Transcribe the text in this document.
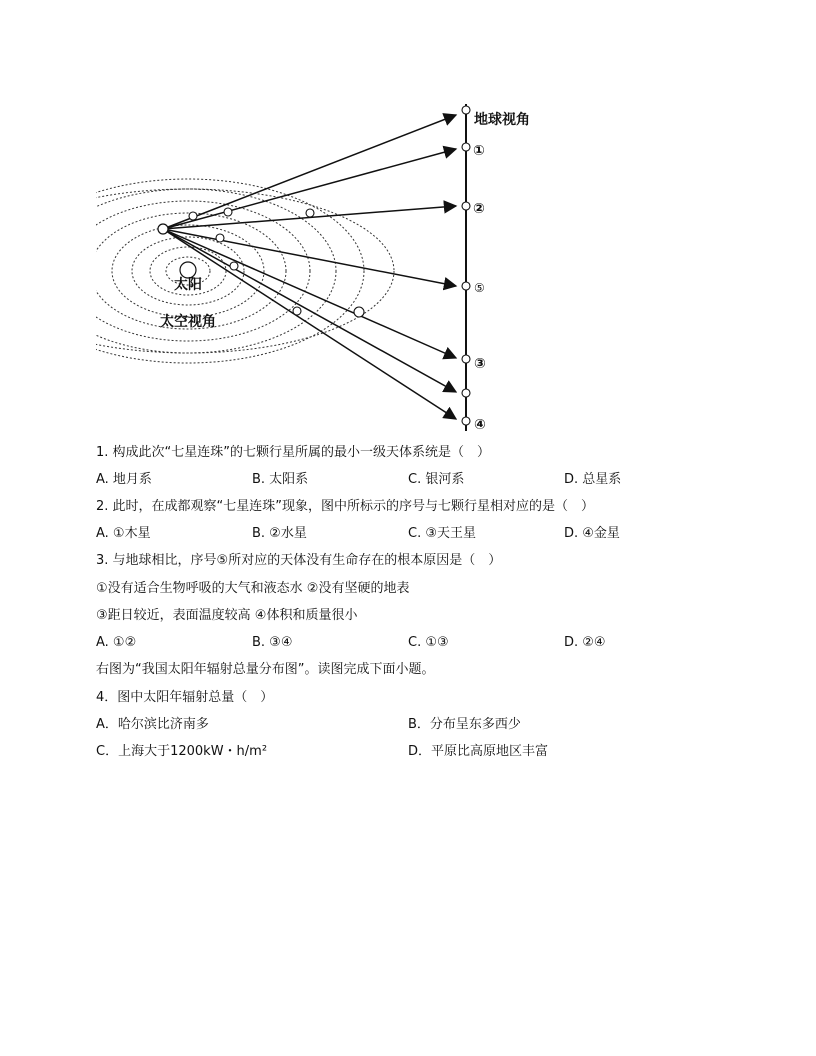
地球视角
①
②
⑤
③
④
太阳
太空视角
1. 构成此次“七星连珠”的七颗行星所属的最小一级天体系统是（　）
A. 地月系	B. 太阳系	C. 银河系	D. 总星系
2. 此时，在成都观察“七星连珠”现象，图中所标示的序号与七颗行星相对应的是（　）
A. ①木星	B. ②水星	C. ③天王星	D. ④金星
3. 与地球相比，序号⑤所对应的天体没有生命存在的根本原因是（　）
①没有适合生物呼吸的大气和液态水 ②没有坚硬的地表
③距日较近，表面温度较高 ④体积和质量很小
A. ①②	B. ③④	C. ①③	D. ②④
右图为“我国太阳年辐射总量分布图”。读图完成下面小题。
4．图中太阳年辐射总量（　）
A．哈尔滨比济南多	B．分布呈东多西少
C．上海大于1200kW・h/m²	D．平原比高原地区丰富
